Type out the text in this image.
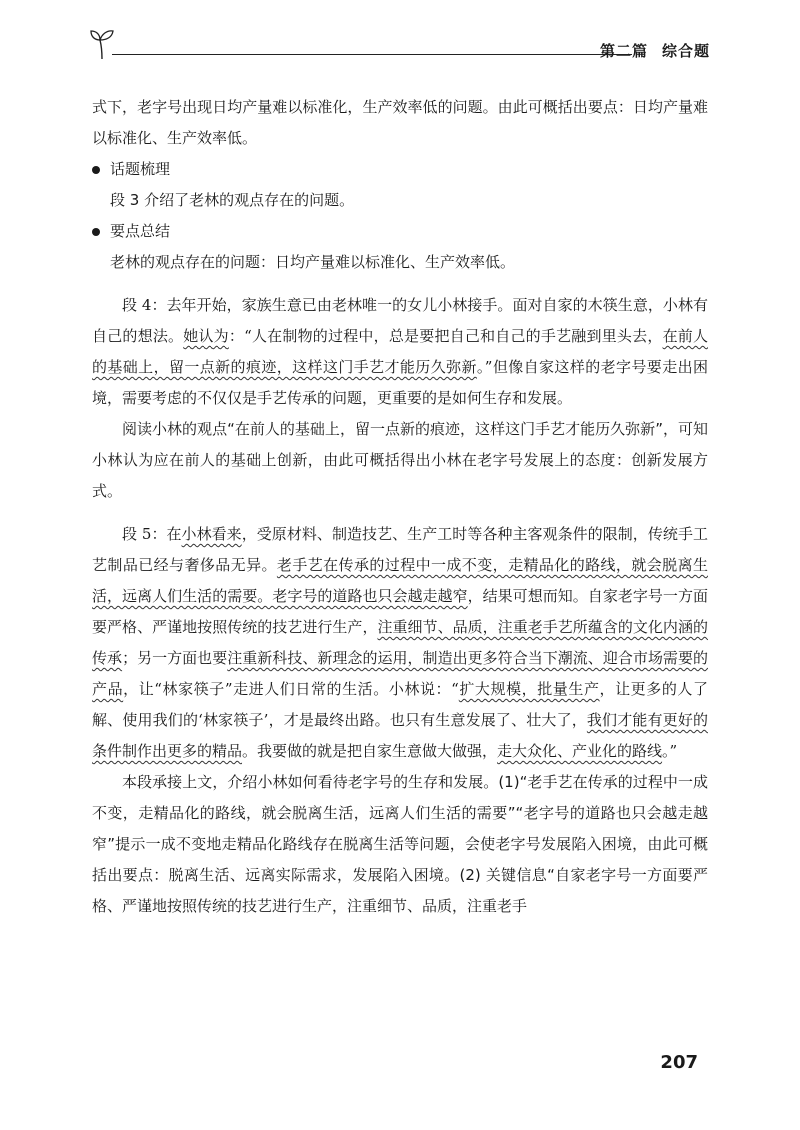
第二篇 综合题

式下，老字号出现日均产量难以标准化，生产效率低的问题。由此可概括出要点：日均产量难以标准化、生产效率低。

话题梳理

段 3 介绍了老林的观点存在的问题。

要点总结

老林的观点存在的问题：日均产量难以标准化、生产效率低。

段 4：去年开始，家族生意已由老林唯一的女儿小林接手。面对自家的木筷生意，小林有自己的想法。她认为：“人在制物的过程中，总是要把自己和自己的手艺融到里头去，在前人的基础上，留一点新的痕迹，这样这门手艺才能历久弥新。”但像自家这样的老字号要走出困境，需要考虑的不仅仅是手艺传承的问题，更重要的是如何生存和发展。

阅读小林的观点“在前人的基础上，留一点新的痕迹，这样这门手艺才能历久弥新”，可知小林认为应在前人的基础上创新，由此可概括得出小林在老字号发展上的态度：创新发展方式。

段 5：在小林看来，受原材料、制造技艺、生产工时等各种主客观条件的限制，传统手工艺制品已经与奢侈品无异。老手艺在传承的过程中一成不变，走精品化的路线，就会脱离生活，远离人们生活的需要。老字号的道路也只会越走越窄，结果可想而知。自家老字号一方面要严格、严谨地按照传统的技艺进行生产，注重细节、品质，注重老手艺所蕴含的文化内涵的传承；另一方面也要注重新科技、新理念的运用，制造出更多符合当下潮流、迎合市场需要的产品，让“林家筷子”走进人们日常的生活。小林说：“扩大规模，批量生产，让更多的人了解、使用我们的‘林家筷子’，才是最终出路。也只有生意发展了、壮大了，我们才能有更好的条件制作出更多的精品。我要做的就是把自家生意做大做强，走大众化、产业化的路线。”

本段承接上文，介绍小林如何看待老字号的生存和发展。(1)“老手艺在传承的过程中一成不变，走精品化的路线，就会脱离生活，远离人们生活的需要”“老字号的道路也只会越走越窄”提示一成不变地走精品化路线存在脱离生活等问题，会使老字号发展陷入困境，由此可概括出要点：脱离生活、远离实际需求，发展陷入困境。(2) 关键信息“自家老字号一方面要严格、严谨地按照传统的技艺进行生产，注重细节、品质，注重老手

207
